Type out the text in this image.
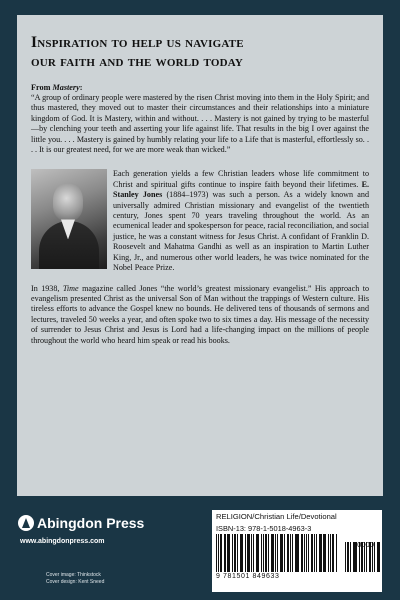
Inspiration to help us navigate
our faith and the world today
From Mastery:

“A group of ordinary people were mastered by the risen Christ moving into them in the Holy Spirit; and thus mastered, they moved out to master their circumstances and their relationships into a miniature kingdom of God. It is Mastery, within and without. . . . Mastery is not gained by trying to be masterful—by clenching your teeth and asserting your life against life. That results in the big I over against the little you. . . . Mastery is gained by humbly relating your life to a Life that is masterful, effortlessly so. . . . It is our greatest need, for we are more weak than wicked.”

Each generation yields a few Christian leaders whose life commitment to Christ and spiritual gifts continue to inspire faith beyond their lifetimes. E. Stanley Jones (1884–1973) was such a person. As a widely known and universally admired Christian missionary and evangelist of the twentieth century, Jones spent 70 years traveling throughout the world. As an ecumenical leader and spokesperson for peace, racial reconciliation, and social justice, he was a constant witness for Jesus Christ. A confidant of Franklin D. Roosevelt and Mahatma Gandhi as well as an inspiration to Martin Luther King, Jr., and numerous other world leaders, he was twice nominated for the Nobel Peace Prize.

In 1938, Time magazine called Jones “the world’s greatest missionary evangelist.” His approach to evangelism presented Christ as the universal Son of Man without the trappings of Western culture. His tireless efforts to advance the Gospel knew no bounds. He delivered tens of thousands of sermons and lectures, traveled 50 weeks a year, and often spoke two to six times a day. His message of the necessity of surrender to Jesus Christ and Jesus is Lord had a life-changing impact on the millions of people throughout the world who heard him speak or read his books.

Abingdon Press
www.abingdonpress.com
Cover image: Thinkstock
Cover design: Kent Sneed
RELIGION/Christian Life/Devotional
ISBN-13: 978-1-5018-4963-3
90000
9 781501 849633
